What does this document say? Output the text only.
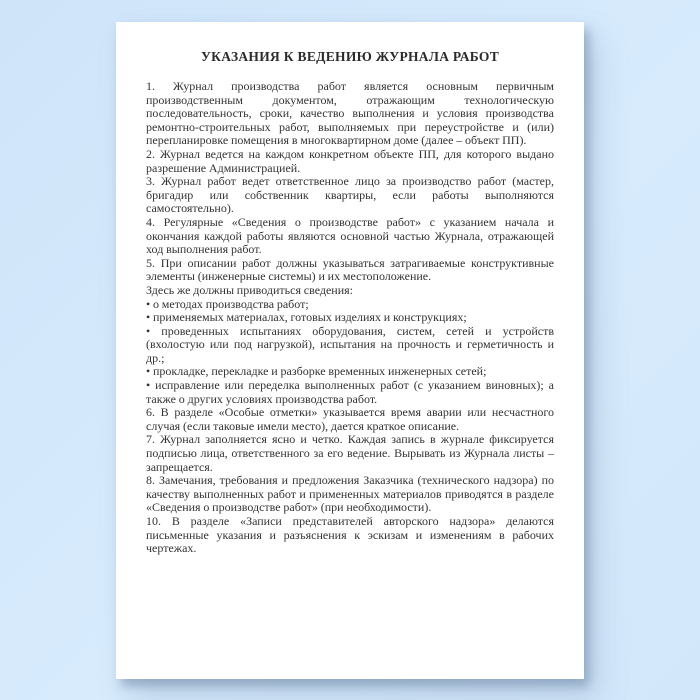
УКАЗАНИЯ К ВЕДЕНИЮ ЖУРНАЛА РАБОТ

1. Журнал производства работ является основным первичным производственным документом, отражающим технологическую последовательность, сроки, качество выполнения и условия производства ремонтно-строительных работ, выполняемых при переустройстве и (или) перепланировке помещения в многоквартирном доме (далее – объект ПП).

2. Журнал ведется на каждом конкретном объекте ПП, для которого выдано разрешение Администрацией.

3. Журнал работ ведет ответственное лицо за производство работ (мастер, бригадир или собственник квартиры, если работы выполняются самостоятельно).

4. Регулярные «Сведения о производстве работ» с указанием начала и окончания каждой работы являются основной частью Журнала, отражающей ход выполнения работ.

5. При описании работ должны указываться затрагиваемые конструктивные элементы (инженерные системы) и их местоположение.

Здесь же должны приводиться сведения:

• о методах производства работ;

• применяемых материалах, готовых изделиях и конструкциях;

• проведенных испытаниях оборудования, систем, сетей и устройств (вхолостую или под нагрузкой), испытания на прочность и герметичность и др.;

• прокладке, перекладке и разборке временных инженерных сетей;

• исправление или переделка выполненных работ (с указанием виновных); а также о других условиях производства работ.

6. В разделе «Особые отметки» указывается время аварии или несчастного случая (если таковые имели место), дается краткое описание.

7. Журнал заполняется ясно и четко. Каждая запись в журнале фиксируется подписью лица, ответственного за его ведение. Вырывать из Журнала листы – запрещается.

8. Замечания, требования и предложения Заказчика (технического надзора) по качеству выполненных работ и примененных материалов приводятся в разделе «Сведения о производстве работ» (при необходимости).

10. В разделе «Записи представителей авторского надзора» делаются письменные указания и разъяснения к эскизам и изменениям в рабочих чертежах.
